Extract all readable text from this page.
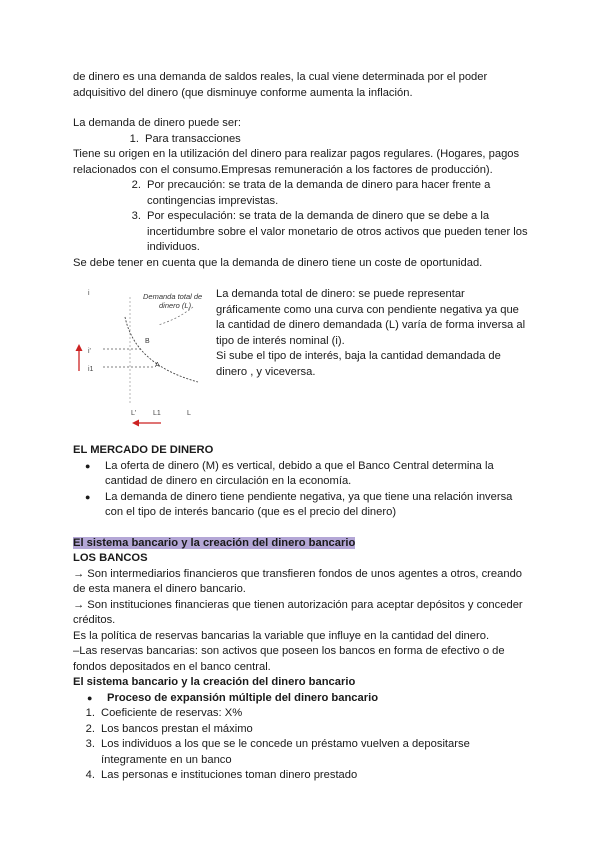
de dinero es una demanda de saldos reales, la cual viene determinada por el poder

adquisitivo del dinero (que disminuye conforme aumenta la inflación.

La demanda de dinero puede ser:

1. Para transacciones

Tiene su origen en la utilización del dinero para realizar pagos regulares. (Hogares, pagos

relacionados con el consumo.Empresas remuneración a los factores de producción).

2. Por precaución: se trata de la demanda de dinero para hacer frente a

contingencias imprevistas.

3. Por especulación: se trata de la demanda de dinero que se debe a la

incertidumbre sobre el valor monetario de otros activos que pueden tener los

individuos.

Se debe tener en cuenta que la demanda de dinero tiene un coste de oportunidad.

i	Demanda total de
dinero (L)
B
A
i'
i1
L' L1	L

La demanda total de dinero: se puede representar

gráficamente como una curva con pendiente negativa ya que

la cantidad de dinero demandada (L) varía de forma inversa al

tipo de interés nominal (i).

Si sube el tipo de interés, baja la cantidad demandada de

dinero , y viceversa.

EL MERCADO DE DINERO

●	La oferta de dinero (M) es vertical, debido a que el Banco Central determina la

cantidad de dinero en circulación en la economía.

●	La demanda de dinero tiene pendiente negativa, ya que tiene una relación inversa

con el tipo de interés bancario (que es el precio del dinero)

El sistema bancario y la creación del dinero bancario

LOS BANCOS

→ Son intermediarios financieros que transfieren fondos de unos agentes a otros, creando

de esta manera el dinero bancario.

→ Son instituciones financieras que tienen autorización para aceptar depósitos y conceder

créditos.

Es la política de reservas bancarias la variable que influye en la cantidad del dinero.

–Las reservas bancarias: son activos que poseen los bancos en forma de efectivo o de

fondos depositados en el banco central.

El sistema bancario y la creación del dinero bancario

●	Proceso de expansión múltiple del dinero bancario
1. Coeficiente de reservas: X%

2. Los bancos prestan el máximo

3. Los individuos a los que se le concede un préstamo vuelven a depositarse

íntegramente en un banco

4. Las personas e instituciones toman dinero prestado
